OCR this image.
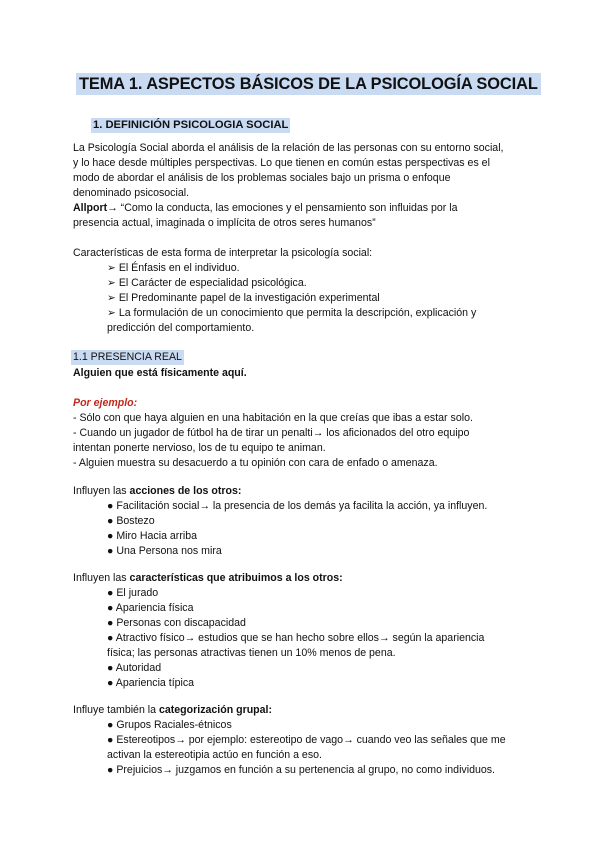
TEMA 1. ASPECTOS BÁSICOS DE LA PSICOLOGÍA SOCIAL
1. DEFINICIÓN PSICOLOGIA SOCIAL
La Psicología Social aborda el análisis de la relación de las personas con su entorno social,
y lo hace desde múltiples perspectivas. Lo que tienen en común estas perspectivas es el
modo de abordar el análisis de los problemas sociales bajo un prisma o enfoque
denominado psicosocial.
Allport→ “Como la conducta, las emociones y el pensamiento son influidas por la
presencia actual, imaginada o implícita de otros seres humanos”
Características de esta forma de interpretar la psicología social:
➢ El Énfasis en el individuo.
➢ El Carácter de especialidad psicológica.
➢ El Predominante papel de la investigación experimental
➢ La formulación de un conocimiento que permita la descripción, explicación y
predicción del comportamiento.
1.1 PRESENCIA REAL
Alguien que está físicamente aquí.
Por ejemplo:
- Sólo con que haya alguien en una habitación en la que creías que ibas a estar solo.
- Cuando un jugador de fútbol ha de tirar un penalti→ los aficionados del otro equipo
intentan ponerte nervioso, los de tu equipo te animan.
- Alguien muestra su desacuerdo a tu opinión con cara de enfado o amenaza.
Influyen las acciones de los otros:
● Facilitación social→ la presencia de los demás ya facilita la acción, ya influyen.
● Bostezo
● Miro Hacia arriba
● Una Persona nos mira
Influyen las características que atribuimos a los otros:
● El jurado
● Apariencia física
● Personas con discapacidad
● Atractivo físico→ estudios que se han hecho sobre ellos→ según la apariencia
física; las personas atractivas tienen un 10% menos de pena.
● Autoridad
● Apariencia típica
Influye también la categorización grupal:
● Grupos Raciales-étnicos
● Estereotipos→ por ejemplo: estereotipo de vago→ cuando veo las señales que me
activan la estereotipia actúo en función a eso.
● Prejuicios→ juzgamos en función a su pertenencia al grupo, no como individuos.
